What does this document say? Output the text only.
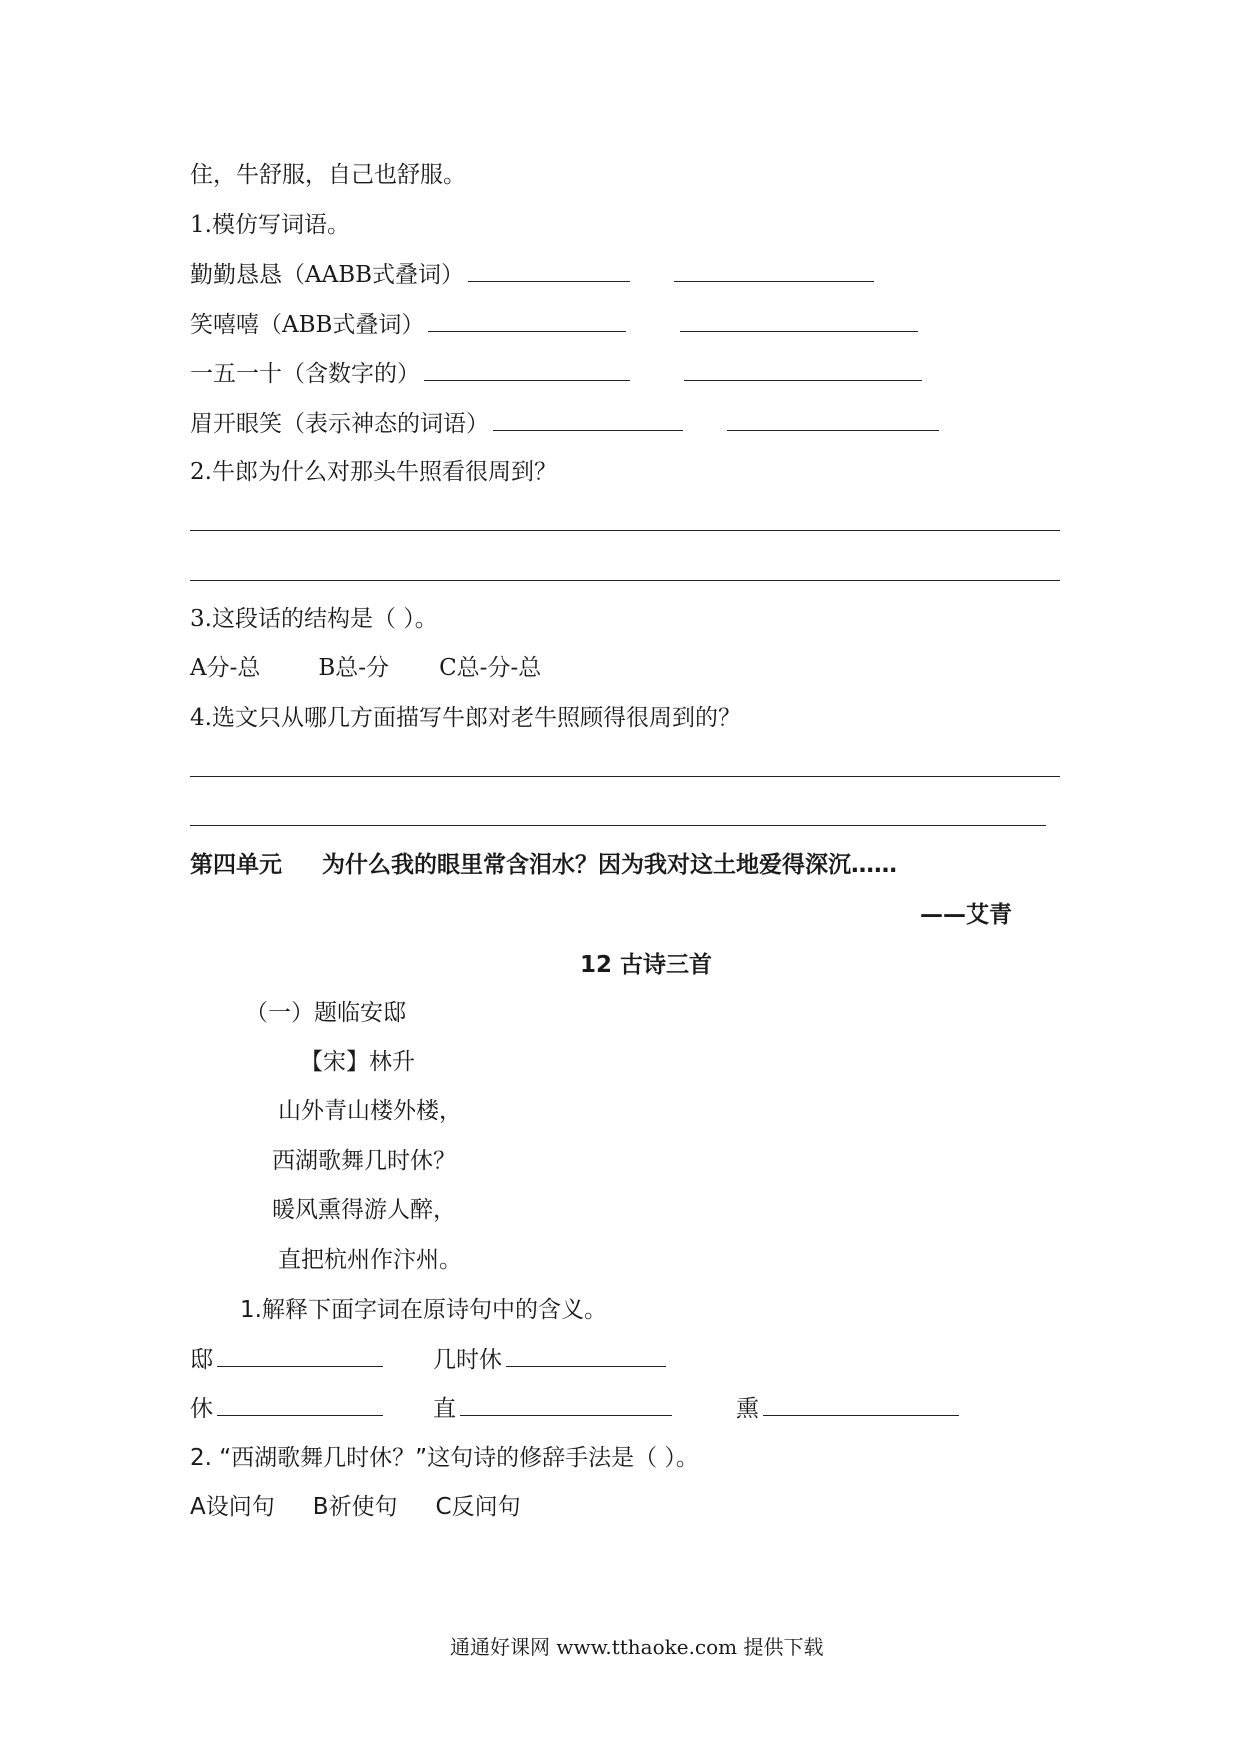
住，牛舒服，自己也舒服。
1.模仿写词语。
勤勤恳恳（AABB式叠词）
笑嘻嘻（ABB式叠词）
一五一十（含数字的）
眉开眼笑（表示神态的词语）
2.牛郎为什么对那头牛照看很周到？
3.这段话的结构是（ ）。
A分-总	B总-分 C总-分-总
4.选文只从哪几方面描写牛郎对老牛照顾得很周到的？
第四单元 为什么我的眼里常含泪水？因为我对这土地爱得深沉……
——艾青
12 古诗三首
（一）题临安邸
【宋】林升
山外青山楼外楼，
西湖歌舞几时休？
暖风熏得游人醉，
直把杭州作汴州。
1.解释下面字词在原诗句中的含义。
邸	几时休
休	直	熏
2. “西湖歌舞几时休？”这句诗的修辞手法是（ ）。
A设问句 B祈使句 C反问句
通通好课网 www.tthaoke.com 提供下载
